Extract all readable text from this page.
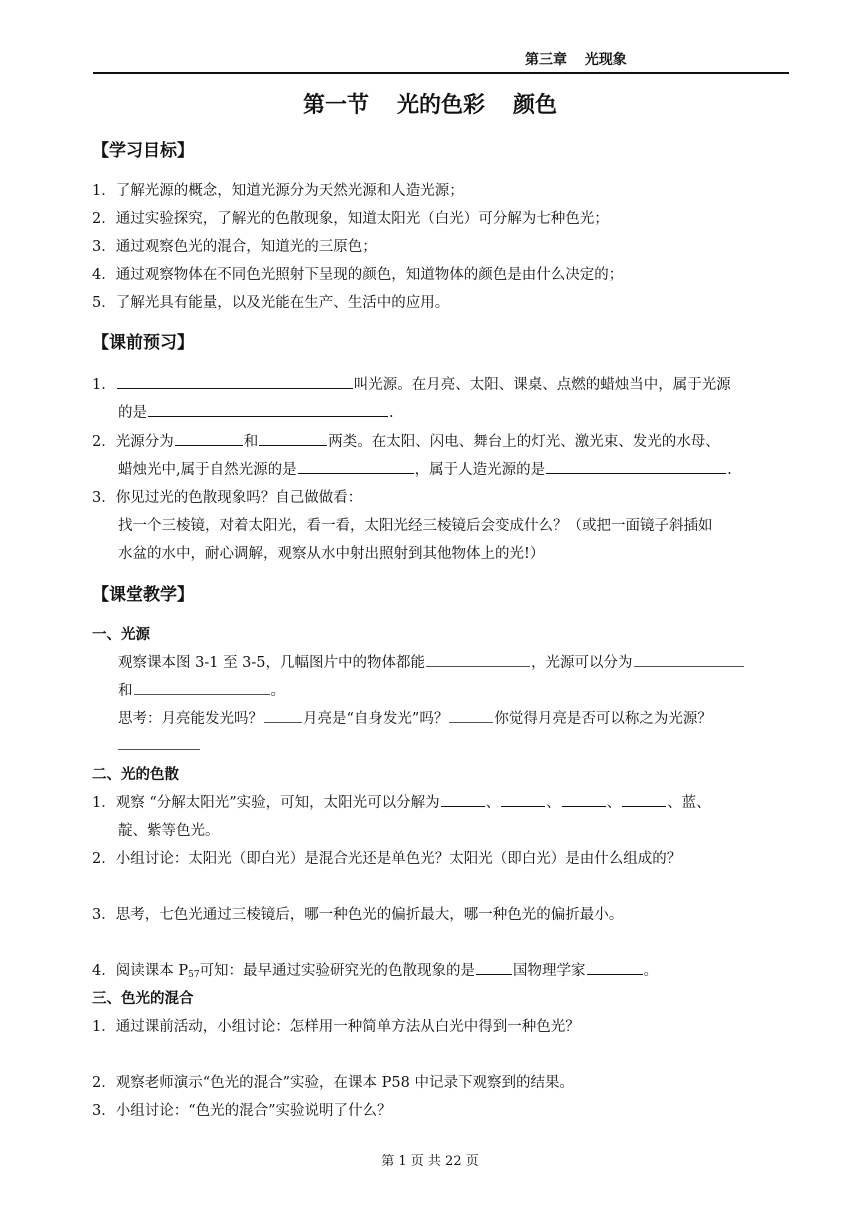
第三章 光现象
第一节 光的色彩 颜色
【学习目标】
1．了解光源的概念，知道光源分为天然光源和人造光源；
2．通过实验探究，了解光的色散现象，知道太阳光（白光）可分解为七种色光；
3．通过观察色光的混合，知道光的三原色；
4．通过观察物体在不同色光照射下呈现的颜色，知道物体的颜色是由什么决定的；
5．了解光具有能量，以及光能在生产、生活中的应用。
【课前预习】
1．	叫光源。在月亮、太阳、课桌、点燃的蜡烛当中，属于光源
的是	.
2．光源分为	和	两类。在太阳、闪电、舞台上的灯光、激光束、发光的水母、
蜡烛光中,属于自然光源的是	，属于人造光源的是	.
3．你见过光的色散现象吗？自己做做看：
找一个三棱镜，对着太阳光，看一看，太阳光经三棱镜后会变成什么？（或把一面镜子斜插如
水盆的水中，耐心调解，观察从水中射出照射到其他物体上的光!）
【课堂教学】
一、光源
观察课本图 3-1 至 3-5，几幅图片中的物体都能	，光源可以分为
和	。
思考：月亮能发光吗？	月亮是“自身发光”吗？	你觉得月亮是否可以称之为光源？
二、光的色散
1．观察 “分解太阳光”实验，可知，太阳光可以分解为	、	、	、	、蓝、
靛、紫等色光。
2．小组讨论：太阳光（即白光）是混合光还是单色光？太阳光（即白光）是由什么组成的？
3．思考，七色光通过三棱镜后，哪一种色光的偏折最大，哪一种色光的偏折最小。
4．阅读课本 $P_{57}$可知：最早通过实验研究光的色散现象的是	国物理学家	。
三、色光的混合
1．通过课前活动，小组讨论：怎样用一种简单方法从白光中得到一种色光？
2．观察老师演示“色光的混合”实验，在课本 P58 中记录下观察到的结果。
3．小组讨论：“色光的混合”实验说明了什么？
第 1 页 共 22 页
